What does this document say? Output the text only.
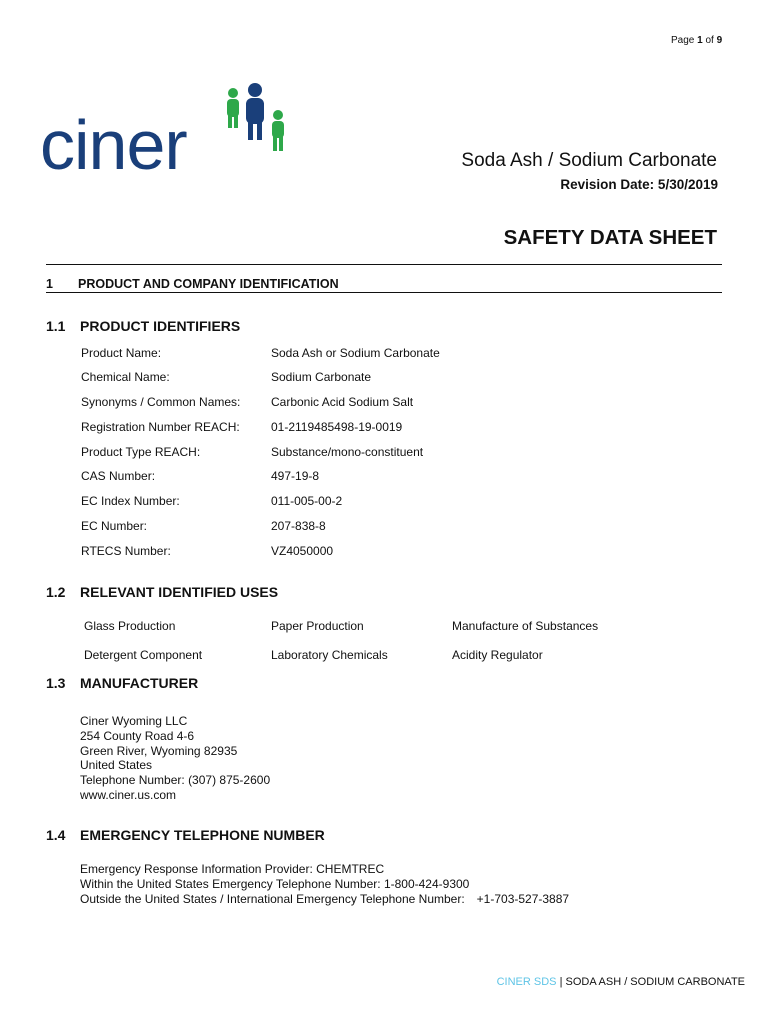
Page 1 of 9
ciner	Soda Ash / Sodium Carbonate
Revision Date: 5/30/2019
SAFETY DATA SHEET
1 PRODUCT AND COMPANY IDENTIFICATION
1.1 PRODUCT IDENTIFIERS
Product Name:	Soda Ash or Sodium Carbonate
Chemical Name:	Sodium Carbonate
Synonyms / Common Names:	Carbonic Acid Sodium Salt
Registration Number REACH:	01-2119485498-19-0019
Product Type REACH:	Substance/mono-constituent
CAS Number:	497-19-8
EC Index Number:	011-005-00-2
EC Number:	207-838-8
RTECS Number:	VZ4050000
1.2 RELEVANT IDENTIFIED USES
Glass Production	Paper Production	Manufacture of Substances
Detergent Component	Laboratory Chemicals	Acidity Regulator
1.3 MANUFACTURER
Ciner Wyoming LLC
254 County Road 4-6
Green River, Wyoming 82935
United States
Telephone Number: (307) 875-2600
www.ciner.us.com
1.4 EMERGENCY TELEPHONE NUMBER
Emergency Response Information Provider: CHEMTREC
Within the United States Emergency Telephone Number: 1-800-424-9300
Outside the United States / International Emergency Telephone Number: +1-703-527-3887
CINER SDS | SODA ASH / SODIUM CARBONATE
